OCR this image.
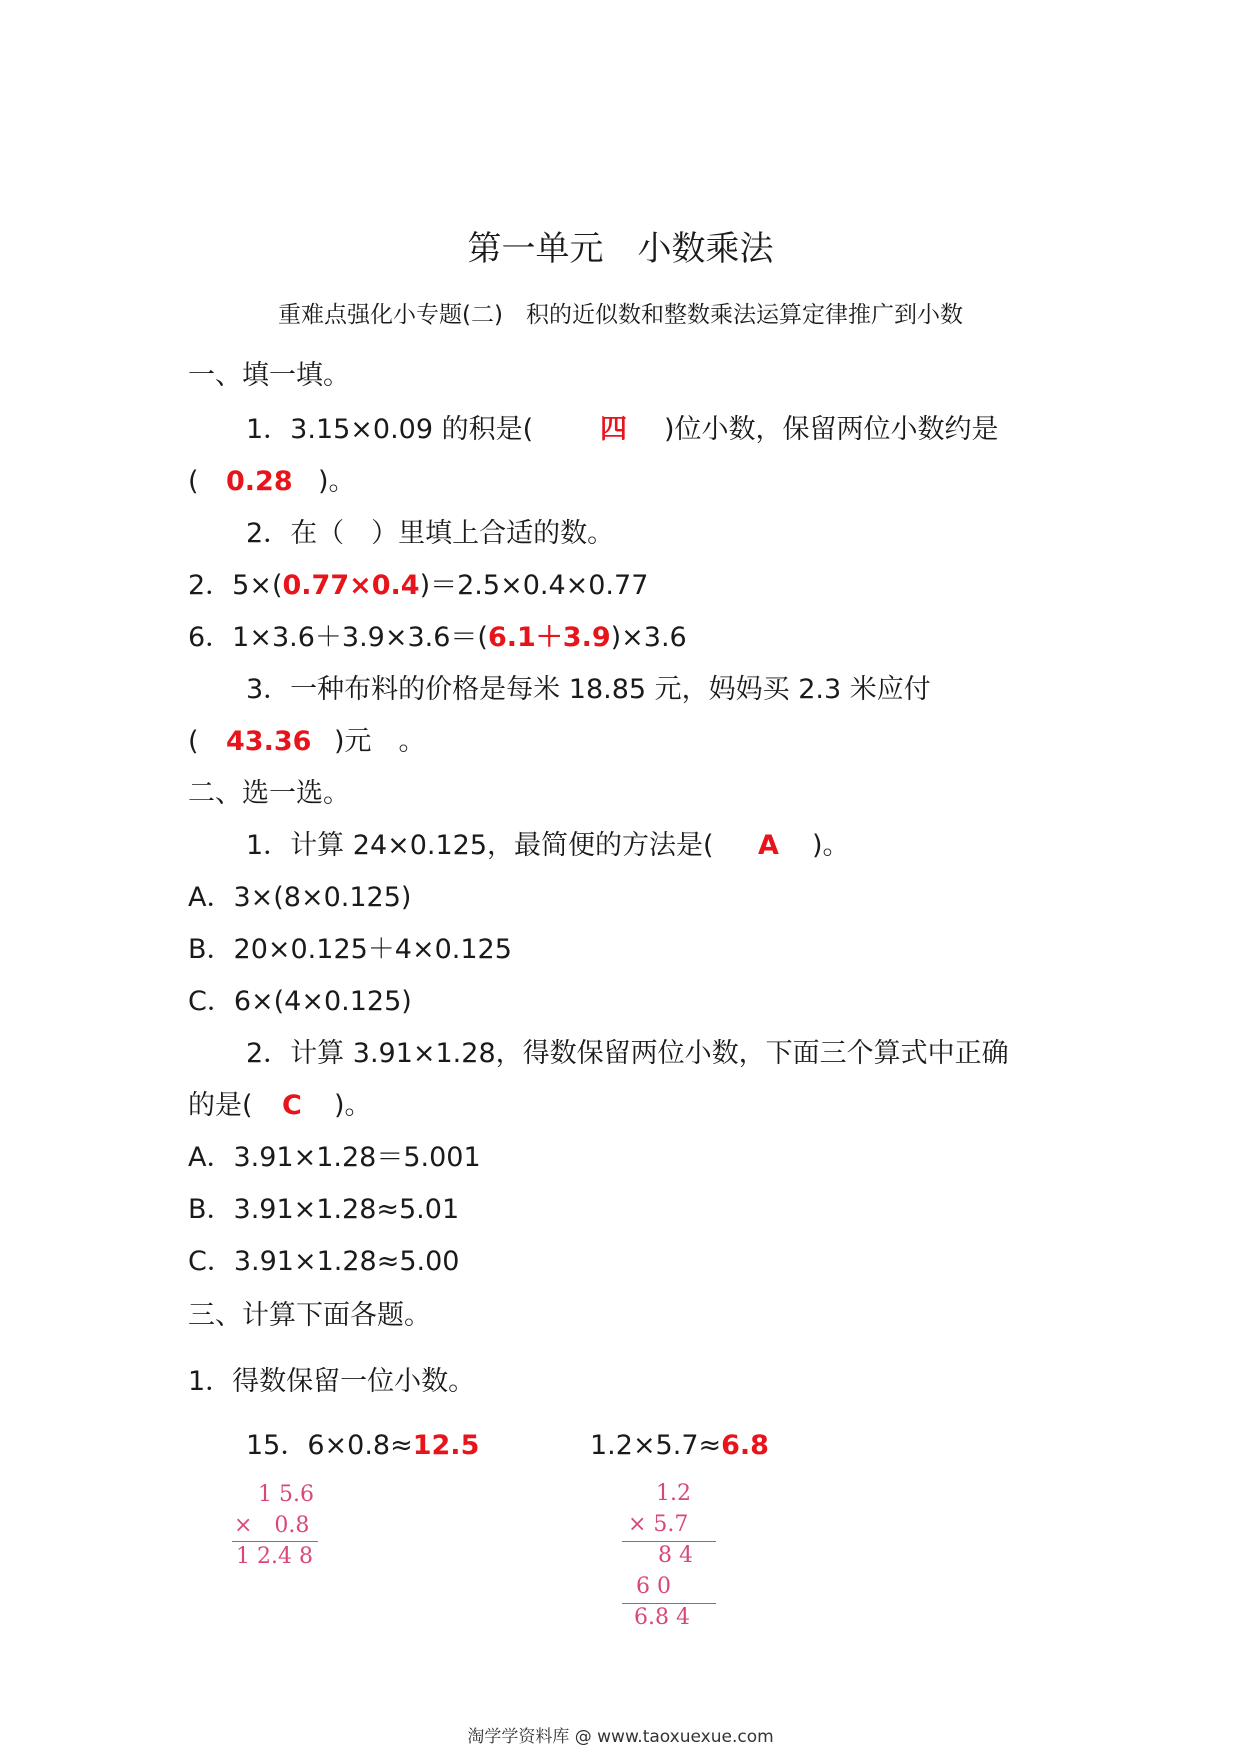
第一单元　小数乘法
重难点强化小专题(二)　积的近似数和整数乘法运算定律推广到小数
一、填一填。
1．3.15×0.09 的积是( 四 )位小数，保留两位小数约是
( 0.28 )。
2．在（　）里填上合适的数。
2．5×(0.77×0.4)＝2.5×0.4×0.77
6．1×3.6＋3.9×3.6＝(6.1＋3.9)×3.6
3．一种布料的价格是每米 18.85 元，妈妈买 2.3 米应付
( 43.36 )元　。
二、选一选。
1．计算 24×0.125，最简便的方法是( A )。
A．3×(8×0.125)
B．20×0.125＋4×0.125
C．6×(4×0.125)
2．计算 3.91×1.28，得数保留两位小数，下面三个算式中正确
的是( C )。
A．3.91×1.28＝5.001
B．3.91×1.28≈5.01
C．3.91×1.28≈5.00
三、计算下面各题。
1．得数保留一位小数。
15．6×0.8≈12.5	1.2×5.7≈6.8
1 5.6
×　0.8
1 2.4 8
1.2
× 5.7
8 4
6 0
6.8 4
淘学学资料库 @ www.taoxuexue.com
